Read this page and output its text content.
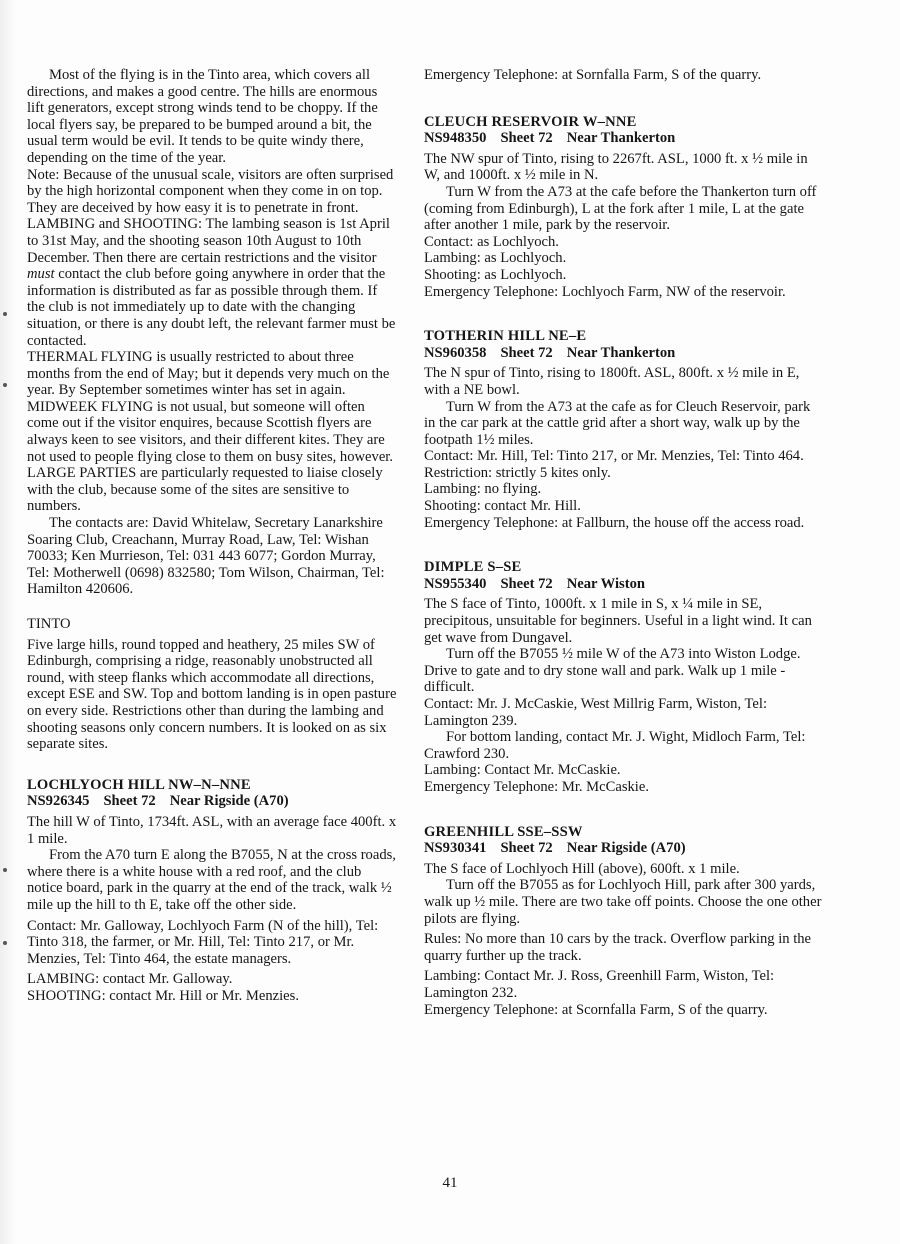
Most of the flying is in the Tinto area, which covers all directions, and makes a good centre. The hills are enormous lift generators, except strong winds tend to be choppy. If the local flyers say, be prepared to be bumped around a bit, the usual term would be evil. It tends to be quite windy there, depending on the time of the year.

Note: Because of the unusual scale, visitors are often surprised by the high horizontal component when they come in on top. They are deceived by how easy it is to penetrate in front.

LAMBING and SHOOTING: The lambing season is 1st April to 31st May, and the shooting season 10th August to 10th December. Then there are certain restrictions and the visitor must contact the club before going anywhere in order that the information is distributed as far as possible through them. If the club is not immediately up to date with the changing situation, or there is any doubt left, the relevant farmer must be contacted.

THERMAL FLYING is usually restricted to about three months from the end of May; but it depends very much on the year. By September sometimes winter has set in again.

MIDWEEK FLYING is not usual, but someone will often come out if the visitor enquires, because Scottish flyers are always keen to see visitors, and their different kites. They are not used to people flying close to them on busy sites, however.

LARGE PARTIES are particularly requested to liaise closely with the club, because some of the sites are sensitive to numbers.

The contacts are: David Whitelaw, Secretary Lanarkshire Soaring Club, Creachann, Murray Road, Law, Tel: Wishan 70033; Ken Murrieson, Tel: 031 443 6077; Gordon Murray, Tel: Motherwell (0698) 832580; Tom Wilson, Chairman, Tel: Hamilton 420606.

TINTO

Five large hills, round topped and heathery, 25 miles SW of Edinburgh, comprising a ridge, reasonably unobstructed all round, with steep flanks which accommodate all directions, except ESE and SW. Top and bottom landing is in open pasture on every side. Restrictions other than during the lambing and shooting seasons only concern numbers. It is looked on as six separate sites.

LOCHLYOCH HILL NW–N–NNE

NS926345 Sheet 72 Near Rigside (A70)

The hill W of Tinto, 1734ft. ASL, with an average face 400ft. x 1 mile.

From the A70 turn E along the B7055, N at the cross roads, where there is a white house with a red roof, and the club notice board, park in the quarry at the end of the track, walk ½ mile up the hill to th E, take off the other side.

Contact: Mr. Galloway, Lochlyoch Farm (N of the hill), Tel: Tinto 318, the farmer, or Mr. Hill, Tel: Tinto 217, or Mr. Menzies, Tel: Tinto 464, the estate managers.

LAMBING: contact Mr. Galloway.

SHOOTING: contact Mr. Hill or Mr. Menzies.

Emergency Telephone: at Sornfalla Farm, S of the quarry.

CLEUCH RESERVOIR W–NNE

NS948350 Sheet 72 Near Thankerton

The NW spur of Tinto, rising to 2267ft. ASL, 1000 ft. x ½ mile in W, and 1000ft. x ½ mile in N.

Turn W from the A73 at the cafe before the Thankerton turn off (coming from Edinburgh), L at the fork after 1 mile, L at the gate after another 1 mile, park by the reservoir.

Contact: as Lochlyoch.

Lambing: as Lochlyoch.

Shooting: as Lochlyoch.

Emergency Telephone: Lochlyoch Farm, NW of the reservoir.

TOTHERIN HILL NE–E

NS960358 Sheet 72 Near Thankerton

The N spur of Tinto, rising to 1800ft. ASL, 800ft. x ½ mile in E, with a NE bowl.

Turn W from the A73 at the cafe as for Cleuch Reservoir, park in the car park at the cattle grid after a short way, walk up by the footpath 1½ miles.

Contact: Mr. Hill, Tel: Tinto 217, or Mr. Menzies, Tel: Tinto 464.

Restriction: strictly 5 kites only.

Lambing: no flying.

Shooting: contact Mr. Hill.

Emergency Telephone: at Fallburn, the house off the access road.

DIMPLE S–SE

NS955340 Sheet 72 Near Wiston

The S face of Tinto, 1000ft. x 1 mile in S, x ¼ mile in SE, precipitous, unsuitable for beginners. Useful in a light wind. It can get wave from Dungavel.

Turn off the B7055 ½ mile W of the A73 into Wiston Lodge. Drive to gate and to dry stone wall and park. Walk up 1 mile - difficult.

Contact: Mr. J. McCaskie, West Millrig Farm, Wiston, Tel: Lamington 239.

For bottom landing, contact Mr. J. Wight, Midloch Farm, Tel: Crawford 230.

Lambing: Contact Mr. McCaskie.

Emergency Telephone: Mr. McCaskie.

GREENHILL SSE–SSW

NS930341 Sheet 72 Near Rigside (A70)

The S face of Lochlyoch Hill (above), 600ft. x 1 mile.

Turn off the B7055 as for Lochlyoch Hill, park after 300 yards, walk up ½ mile. There are two take off points. Choose the one other pilots are flying.

Rules: No more than 10 cars by the track. Overflow parking in the quarry further up the track.

Lambing: Contact Mr. J. Ross, Greenhill Farm, Wiston, Tel: Lamington 232.

Emergency Telephone: at Scornfalla Farm, S of the quarry.

41
